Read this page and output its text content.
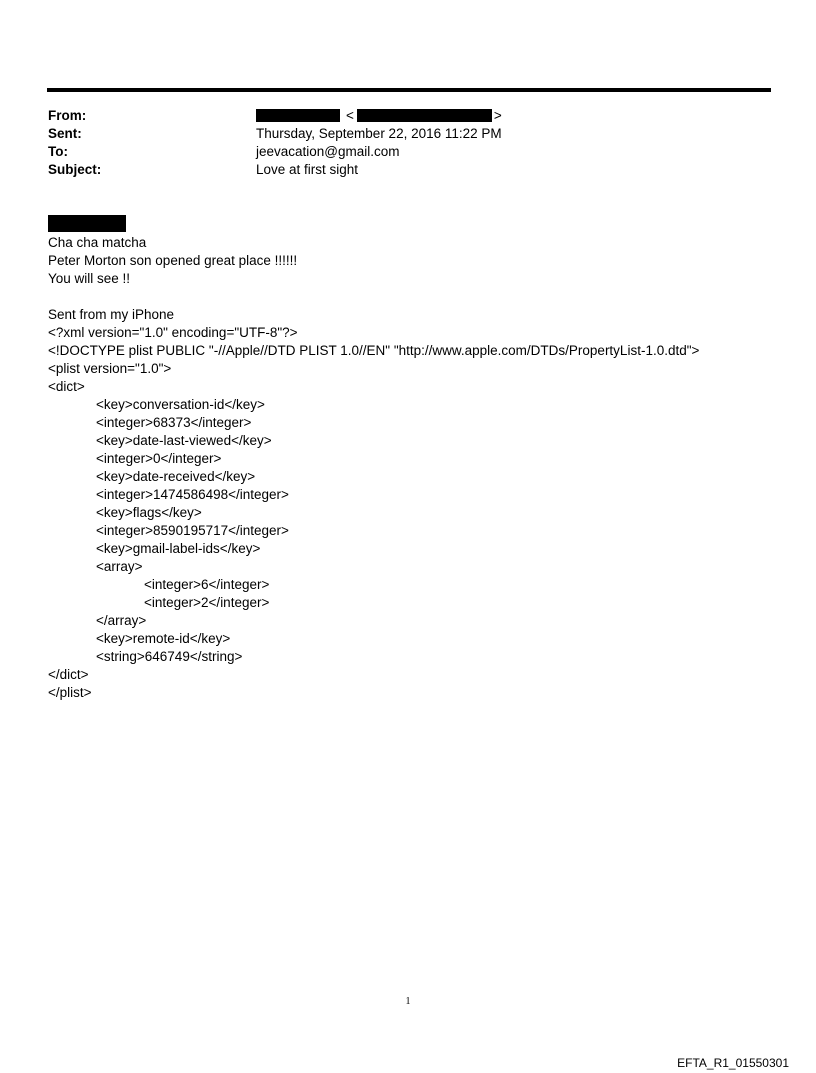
From:	<	>
Sent:	Thursday, September 22, 2016 11:22 PM
To:	jeevacation@gmail.com
Subject:	Love at first sight
Cha cha matcha
Peter Morton son opened great place !!!!!!
You will see !!
Sent from my iPhone
<?xml version="1.0" encoding="UTF-8"?>
<!DOCTYPE plist PUBLIC "-//Apple//DTD PLIST 1.0//EN" "http://www.apple.com/DTDs/PropertyList-1.0.dtd">
<plist version="1.0">
<dict>
<key>conversation-id</key>
<integer>68373</integer>
<key>date-last-viewed</key>
<integer>0</integer>
<key>date-received</key>
<integer>1474586498</integer>
<key>flags</key>
<integer>8590195717</integer>
<key>gmail-label-ids</key>
<array>
<integer>6</integer>
<integer>2</integer>
</array>
<key>remote-id</key>
<string>646749</string>
</dict>
</plist>
1
EFTA_R1_01550301
